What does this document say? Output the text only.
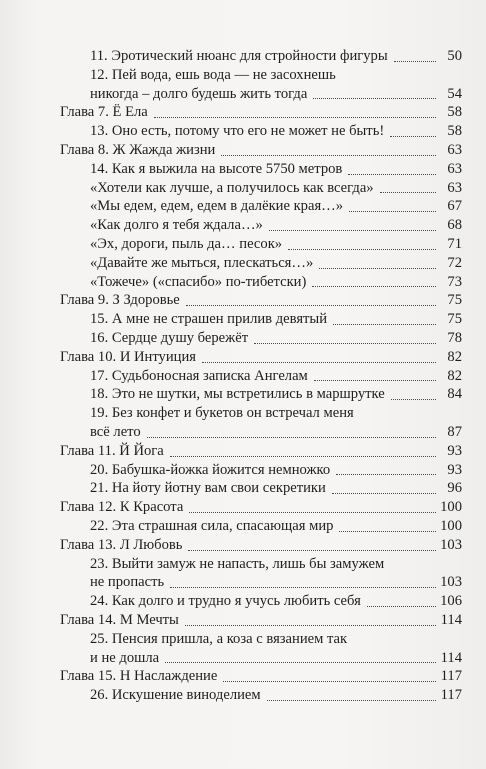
11. Эротический нюанс для стройности фигуры	50
12. Пей вода, ешь вода — не засохнешь
никогда – долго будешь жить тогда	54
Глава 7. Ё Ела	58
13. Оно есть, потому что его не может не быть!	58
Глава 8. Ж Жажда жизни	63
14. Как я выжила на высоте 5750 метров	63
«Хотели как лучше, а получилось как всегда»	63
«Мы едем, едем, едем в далёкие края…»	67
«Как долго я тебя ждала…»	68
«Эх, дороги, пыль да… песок»	71
«Давайте же мыться, плескаться…»	72
«Тожече» («спасибо» по-тибетски)	73
Глава 9. З Здоровье	75
15. А мне не страшен прилив девятый	75
16. Сердце душу бережёт	78
Глава 10. И Интуиция	82
17. Судьбоносная записка Ангелам	82
18. Это не шутки, мы встретились в маршрутке	84
19. Без конфет и букетов он встречал меня
всё лето	87
Глава 11. Й Йога	93
20. Бабушка-йожка йожится немножко	93
21. На йоту йотну вам свои секретики	96
Глава 12. К Красота	100
22. Эта страшная сила, спасающая мир	100
Глава 13. Л Любовь	103
23. Выйти замуж не напасть, лишь бы замужем
не пропасть	103
24. Как долго и трудно я учусь любить себя	106
Глава 14. М Мечты	114
25. Пенсия пришла, а коза с вязанием так
и не дошла	114
Глава 15. Н Наслаждение	117
26. Искушение виноделием	117
